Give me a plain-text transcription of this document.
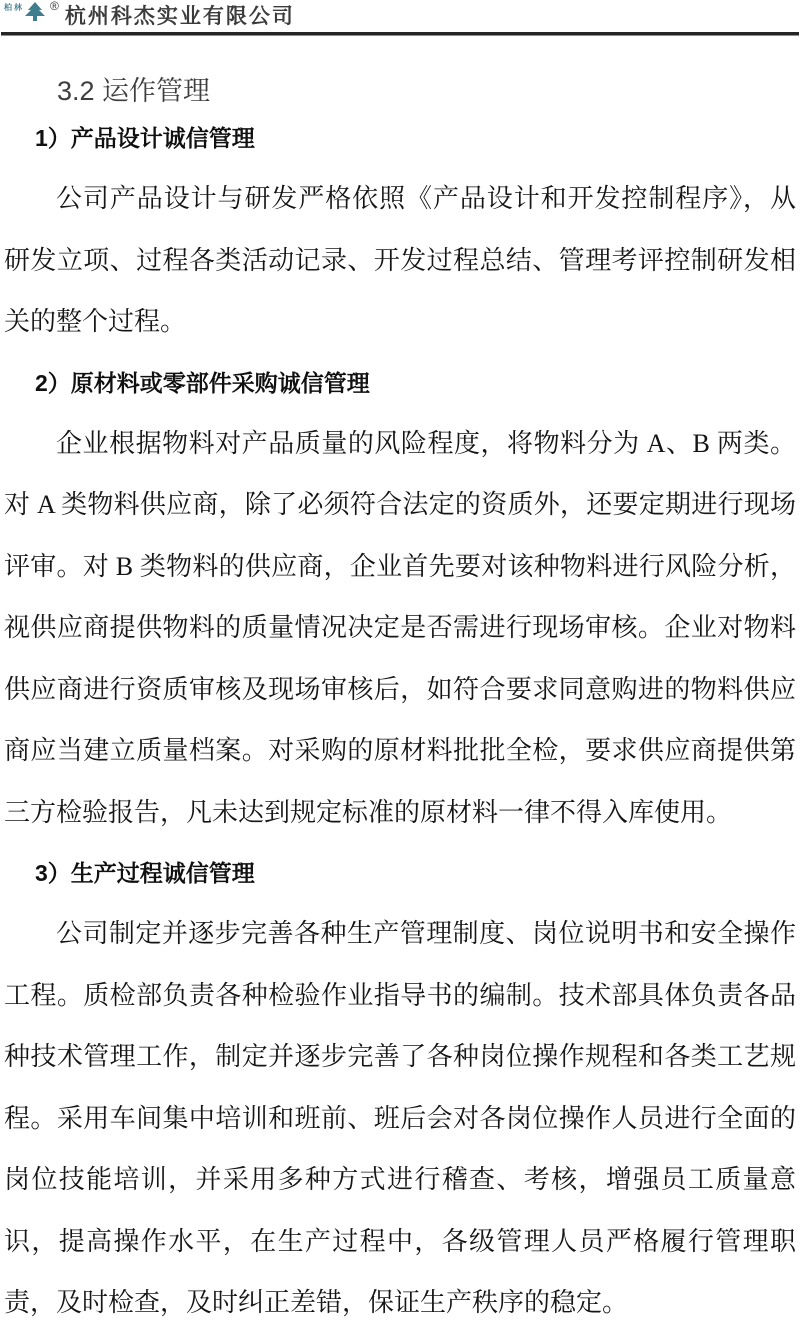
柏林 ® 杭州科杰实业有限公司
3.2 运作管理
1）产品设计诚信管理

公司产品设计与研发严格依照《产品设计和开发控制程序》，从研发立项、过程各类活动记录、开发过程总结、管理考评控制研发相关的整个过程。

2）原材料或零部件采购诚信管理

企业根据物料对产品质量的风险程度，将物料分为 A、B 两类。对 A 类物料供应商，除了必须符合法定的资质外，还要定期进行现场评审。对 B 类物料的供应商，企业首先要对该种物料进行风险分析，视供应商提供物料的质量情况决定是否需进行现场审核。企业对物料供应商进行资质审核及现场审核后，如符合要求同意购进的物料供应商应当建立质量档案。对采购的原材料批批全检，要求供应商提供第三方检验报告，凡未达到规定标准的原材料一律不得入库使用。

3）生产过程诚信管理

公司制定并逐步完善各种生产管理制度、岗位说明书和安全操作工程。质检部负责各种检验作业指导书的编制。技术部具体负责各品种技术管理工作，制定并逐步完善了各种岗位操作规程和各类工艺规程。采用车间集中培训和班前、班后会对各岗位操作人员进行全面的岗位技能培训，并采用多种方式进行稽查、考核，增强员工质量意识，提高操作水平，在生产过程中，各级管理人员严格履行管理职责，及时检查，及时纠正差错，保证生产秩序的稳定。
